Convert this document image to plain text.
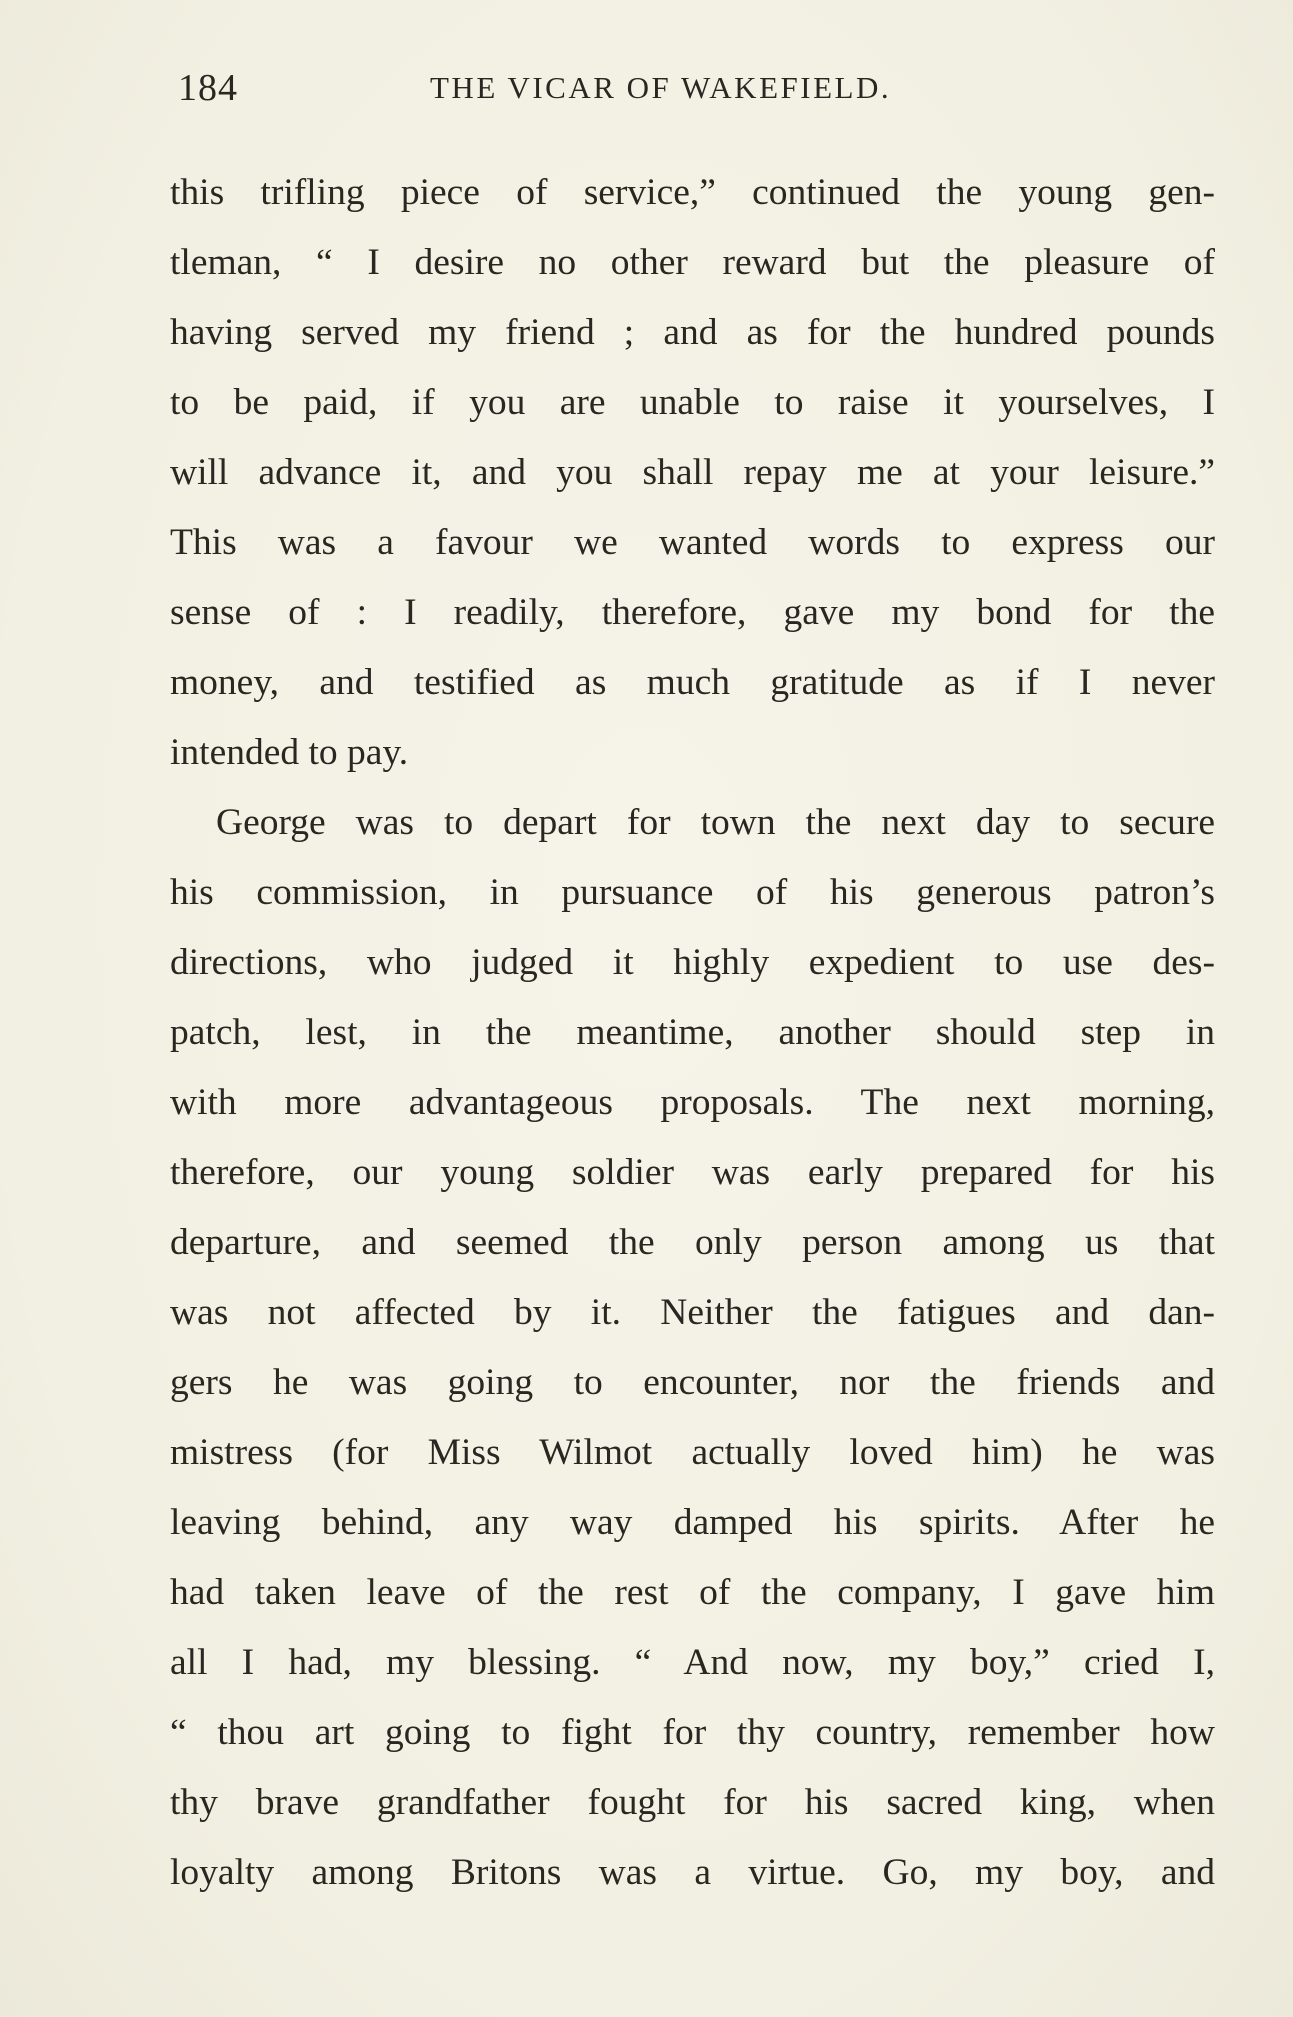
184	THE VICAR OF WAKEFIELD.
this trifling piece of service,” continued the young gen-
tleman, “ I desire no other reward but the pleasure of
having served my friend ; and as for the hundred pounds
to be paid, if you are unable to raise it yourselves, I
will advance it, and you shall repay me at your leisure.”
This was a favour we wanted words to express our
sense of : I readily, therefore, gave my bond for the
money, and testified as much gratitude as if I never
intended to pay.
George was to depart for town the next day to secure
his commission, in pursuance of his generous patron’s
directions, who judged it highly expedient to use des-
patch, lest, in the meantime, another should step in
with more advantageous proposals. The next morning,
therefore, our young soldier was early prepared for his
departure, and seemed the only person among us that
was not affected by it. Neither the fatigues and dan-
gers he was going to encounter, nor the friends and
mistress (for Miss Wilmot actually loved him) he was
leaving behind, any way damped his spirits. After he
had taken leave of the rest of the company, I gave him
all I had, my blessing. “ And now, my boy,” cried I,
“ thou art going to fight for thy country, remember how
thy brave grandfather fought for his sacred king, when
loyalty among Britons was a virtue. Go, my boy, and
